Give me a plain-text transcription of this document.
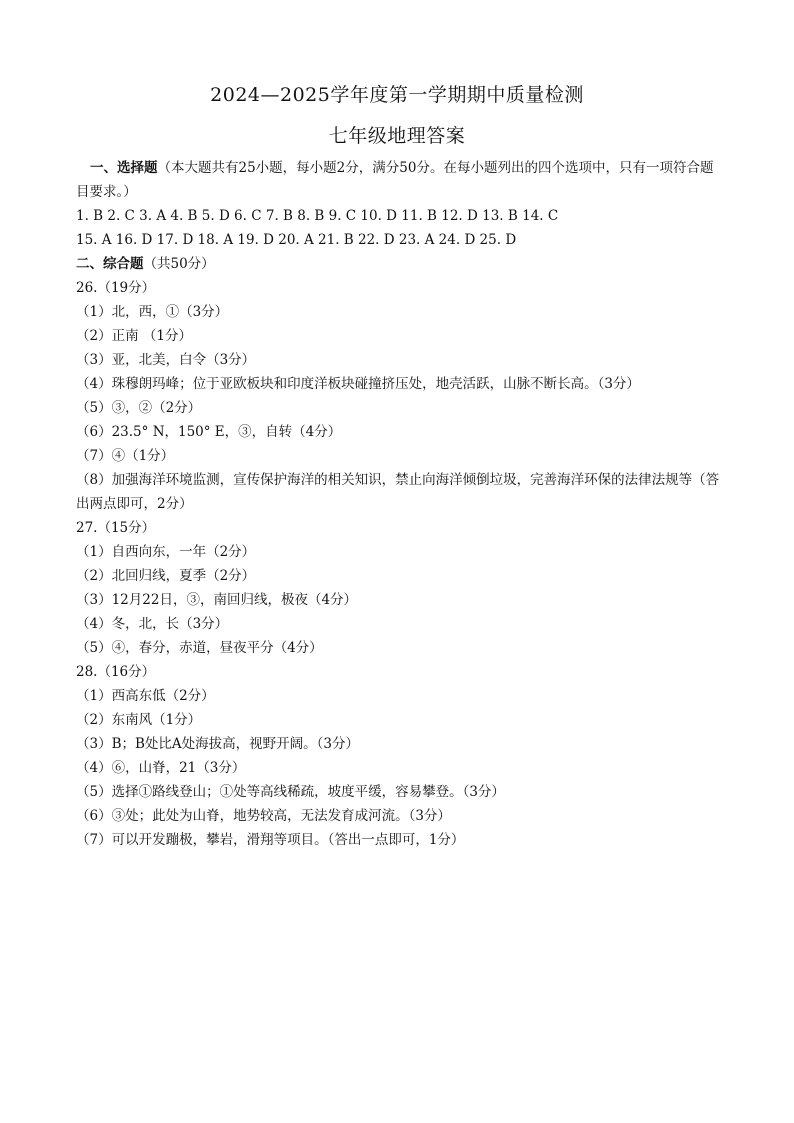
2024—2025学年度第一学期期中质量检测
七年级地理答案
一、选择题（本大题共有25小题，每小题2分，满分50分。在每小题列出的四个选项中，只有一项符合题目要求。）
1. B 2. C 3. A 4. B 5. D 6. C 7. B 8. B 9. C 10. D 11. B 12. D 13. B 14. C
15. A 16. D 17. D 18. A 19. D 20. A 21. B 22. D 23. A 24. D 25. D
二、综合题（共50分）
26.（19分）
（1）北，西，①（3分）
（2）正南 （1分）
（3）亚，北美，白令（3分）
（4）珠穆朗玛峰；位于亚欧板块和印度洋板块碰撞挤压处，地壳活跃，山脉不断长高。（3分）
（5）③，②（2分）
（6）23.5° N，150° E，③，自转（4分）
（7）④（1分）
（8）加强海洋环境监测，宣传保护海洋的相关知识，禁止向海洋倾倒垃圾，完善海洋环保的法律法规等（答出两点即可，2分）
27.（15分）
（1）自西向东，一年（2分）
（2）北回归线，夏季（2分）
（3）12月22日，③，南回归线，极夜（4分）
（4）冬，北，长（3分）
（5）④，春分，赤道，昼夜平分（4分）
28.（16分）
（1）西高东低（2分）
（2）东南风（1分）
（3）B；B处比A处海拔高，视野开阔。（3分）
（4）⑥，山脊，21（3分）
（5）选择①路线登山；①处等高线稀疏，坡度平缓，容易攀登。（3分）
（6）③处；此处为山脊，地势较高，无法发育成河流。（3分）
（7）可以开发蹦极，攀岩，滑翔等项目。（答出一点即可，1分）
